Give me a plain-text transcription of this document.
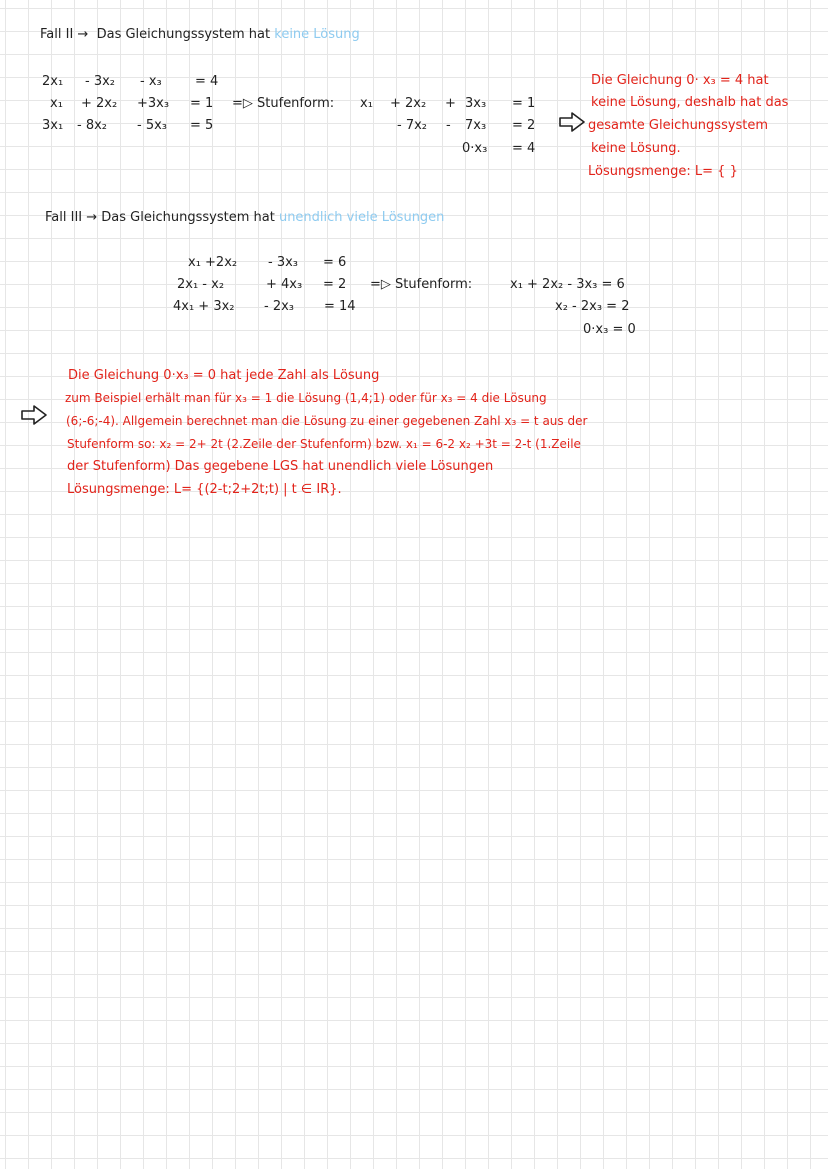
Fall II → Das Gleichungssystem hat keine Lösung
2x₁ - 3x₂ - x₃	= 4
x₁ + 2x₂ +3x₃ = 1
3x₁ - 8x₂ - 5x₃ = 5
=▷ Stufenform: x₁ + 2x₂ + 3x₃ = 1
- 7x₂ - 7x₃ = 2
0·x₃ = 4
Die Gleichung 0· x₃ = 4 hat
keine Lösung, deshalb hat das
gesamte Gleichungssystem
keine Lösung.
Lösungsmenge: L= { }
Fall III → Das Gleichungssystem hat unendlich viele Lösungen
x₁ +2x₂ - 3x₃ = 6
2x₁ - x₂	+ 4x₃ = 2
4x₁ + 3x₂ - 2x₃ = 14
=▷ Stufenform:	x₁ + 2x₂ - 3x₃ = 6
x₂ - 2x₃ = 2
0·x₃ = 0
Die Gleichung 0·x₃ = 0 hat jede Zahl als Lösung
zum Beispiel erhält man für x₃ = 1 die Lösung (1,4;1) oder für x₃ = 4 die Lösung
(6;-6;-4). Allgemein berechnet man die Lösung zu einer gegebenen Zahl x₃ = t aus der
Stufenform so: x₂ = 2+ 2t (2.Zeile der Stufenform) bzw. x₁ = 6-2 x₂ +3t = 2-t (1.Zeile
der Stufenform) Das gegebene LGS hat unendlich viele Lösungen
Lösungsmenge: L= {(2-t;2+2t;t) | t ∈ IR}.
